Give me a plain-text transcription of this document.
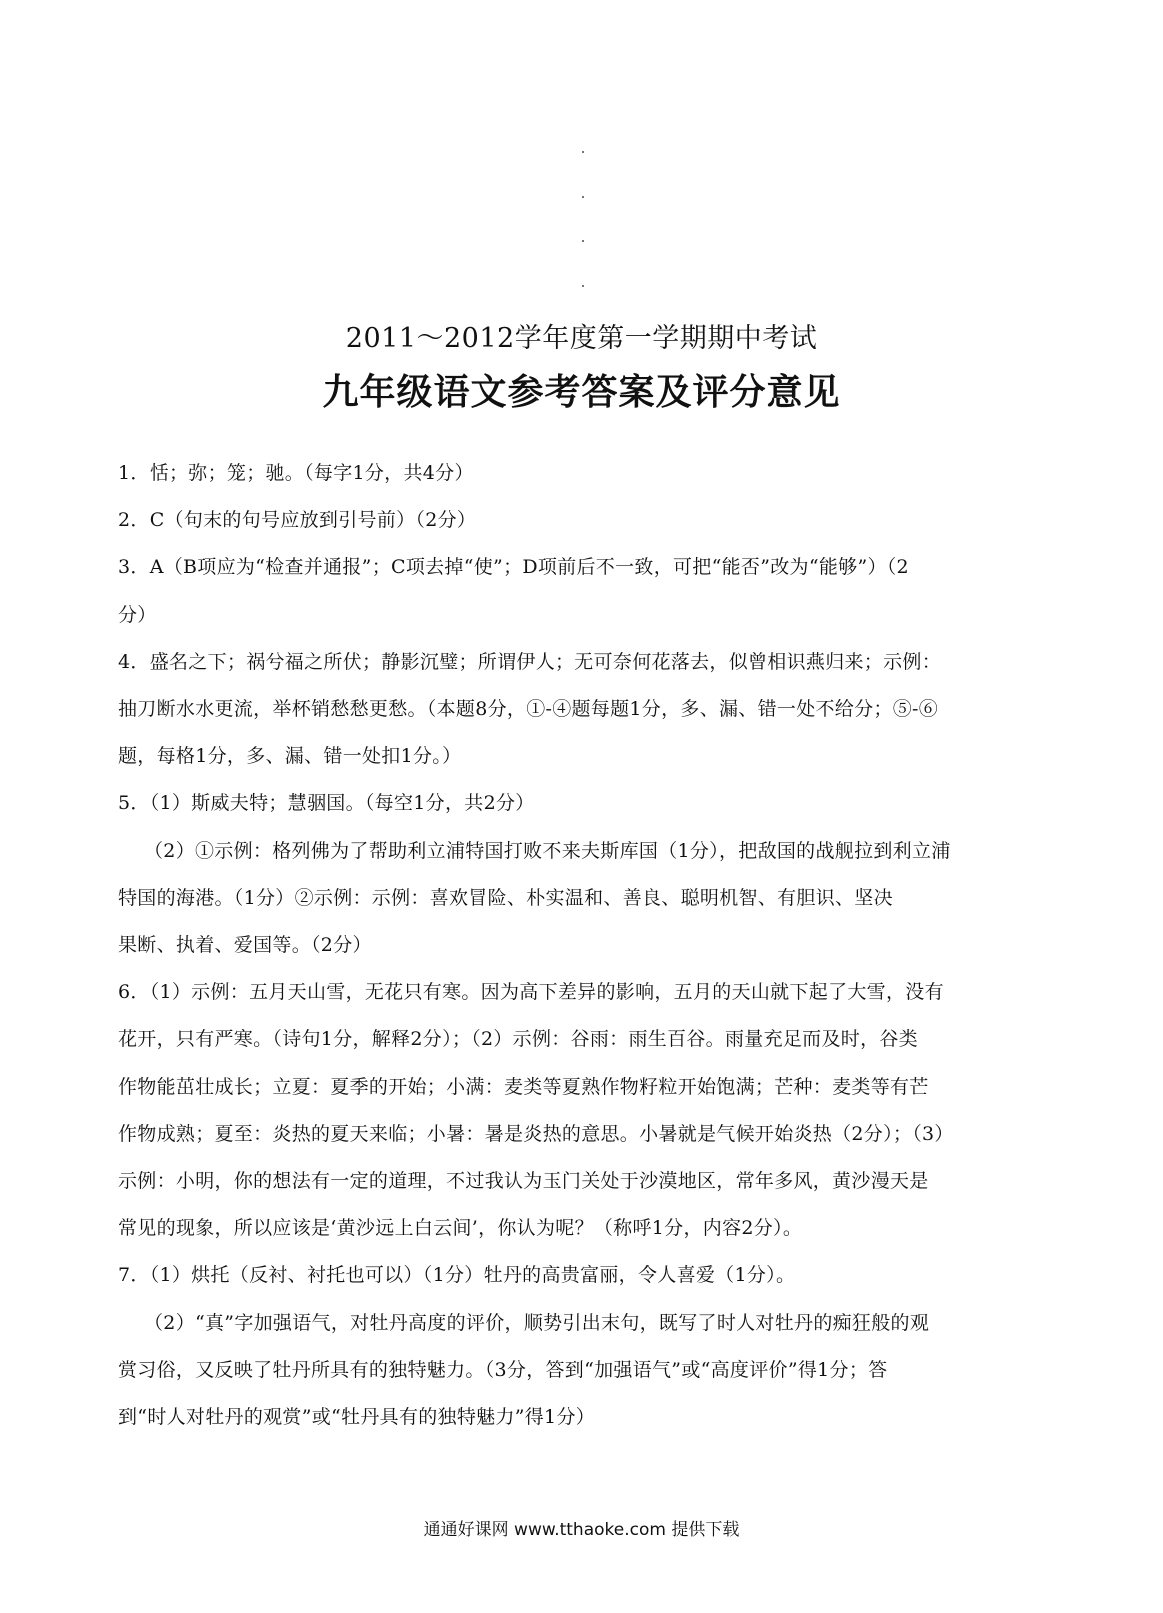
2011～2012学年度第一学期期中考试
九年级语文参考答案及评分意见
1．恬；弥；笼；驰。（每字1分，共4分）
2．C（句末的句号应放到引号前）（2分）
3．A（B项应为“检查并通报”；C项去掉“使”；D项前后不一致，可把“能否”改为“能够”）（2
分）
4．盛名之下；祸兮福之所伏；静影沉璧；所谓伊人；无可奈何花落去，似曾相识燕归来；示例：
抽刀断水水更流，举杯销愁愁更愁。（本题8分，①-④题每题1分，多、漏、错一处不给分；⑤-⑥
题，每格1分，多、漏、错一处扣1分。）
5．（1）斯威夫特；慧骃国。（每空1分，共2分）
（2）①示例：格列佛为了帮助利立浦特国打败不来夫斯库国（1分），把敌国的战舰拉到利立浦
特国的海港。（1分）②示例：示例：喜欢冒险、朴实温和、善良、聪明机智、有胆识、坚决
果断、执着、爱国等。（2分）
6．（1）示例：五月天山雪，无花只有寒。因为高下差异的影响，五月的天山就下起了大雪，没有
花开，只有严寒。（诗句1分，解释2分）；（2）示例：谷雨：雨生百谷。雨量充足而及时，谷类
作物能茁壮成长；立夏：夏季的开始；小满：麦类等夏熟作物籽粒开始饱满；芒种：麦类等有芒
作物成熟；夏至：炎热的夏天来临；小暑：暑是炎热的意思。小暑就是气候开始炎热（2分）；（3）
示例：小明，你的想法有一定的道理，不过我认为玉门关处于沙漠地区，常年多风，黄沙漫天是
常见的现象，所以应该是‘黄沙远上白云间’，你认为呢？（称呼1分，内容2分）。
7．（1）烘托（反衬、衬托也可以）（1分）牡丹的高贵富丽，令人喜爱（1分）。
（2）“真”字加强语气，对牡丹高度的评价，顺势引出末句，既写了时人对牡丹的痴狂般的观
赏习俗，又反映了牡丹所具有的独特魅力。（3分，答到“加强语气”或“高度评价”得1分；答
到“时人对牡丹的观赏”或“牡丹具有的独特魅力”得1分）
通通好课网 www.tthaoke.com 提供下载
